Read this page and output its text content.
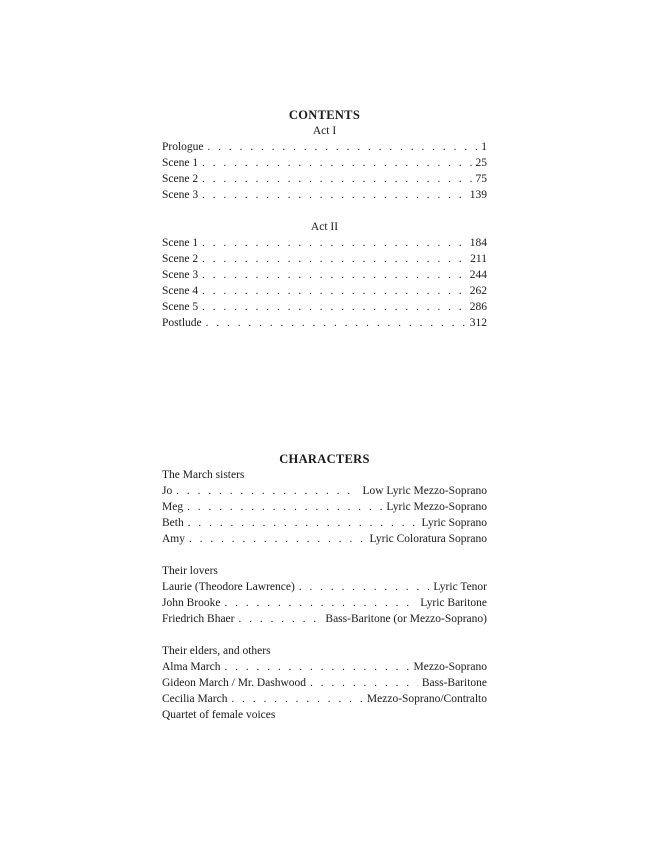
CONTENTS
Act I
Prologue . . .	1
Scene 1 . . .	25
Scene 2 . . .	75
Scene 3 . . .	139
Act II
Scene 1 . . .	184
Scene 2 . . .	211
Scene 3 . . .	244
Scene 4 . . .	262
Scene 5 . . .	286
Postlude . . .	312
CHARACTERS
The March sisters
Jo . . .	Low Lyric Mezzo-Soprano
Meg . . .	Lyric Mezzo-Soprano
Beth . . .	Lyric Soprano
Amy . . .	Lyric Coloratura Soprano
Their lovers
Laurie (Theodore Lawrence) . . .	Lyric Tenor
John Brooke . . .	Lyric Baritone
Friedrich Bhaer . . .	Bass-Baritone (or Mezzo-Soprano)
Their elders, and others
Alma March . . .	Mezzo-Soprano
Gideon March / Mr. Dashwood . . .	Bass-Baritone
Cecilia March . . .	Mezzo-Soprano/Contralto
Quartet of female voices
